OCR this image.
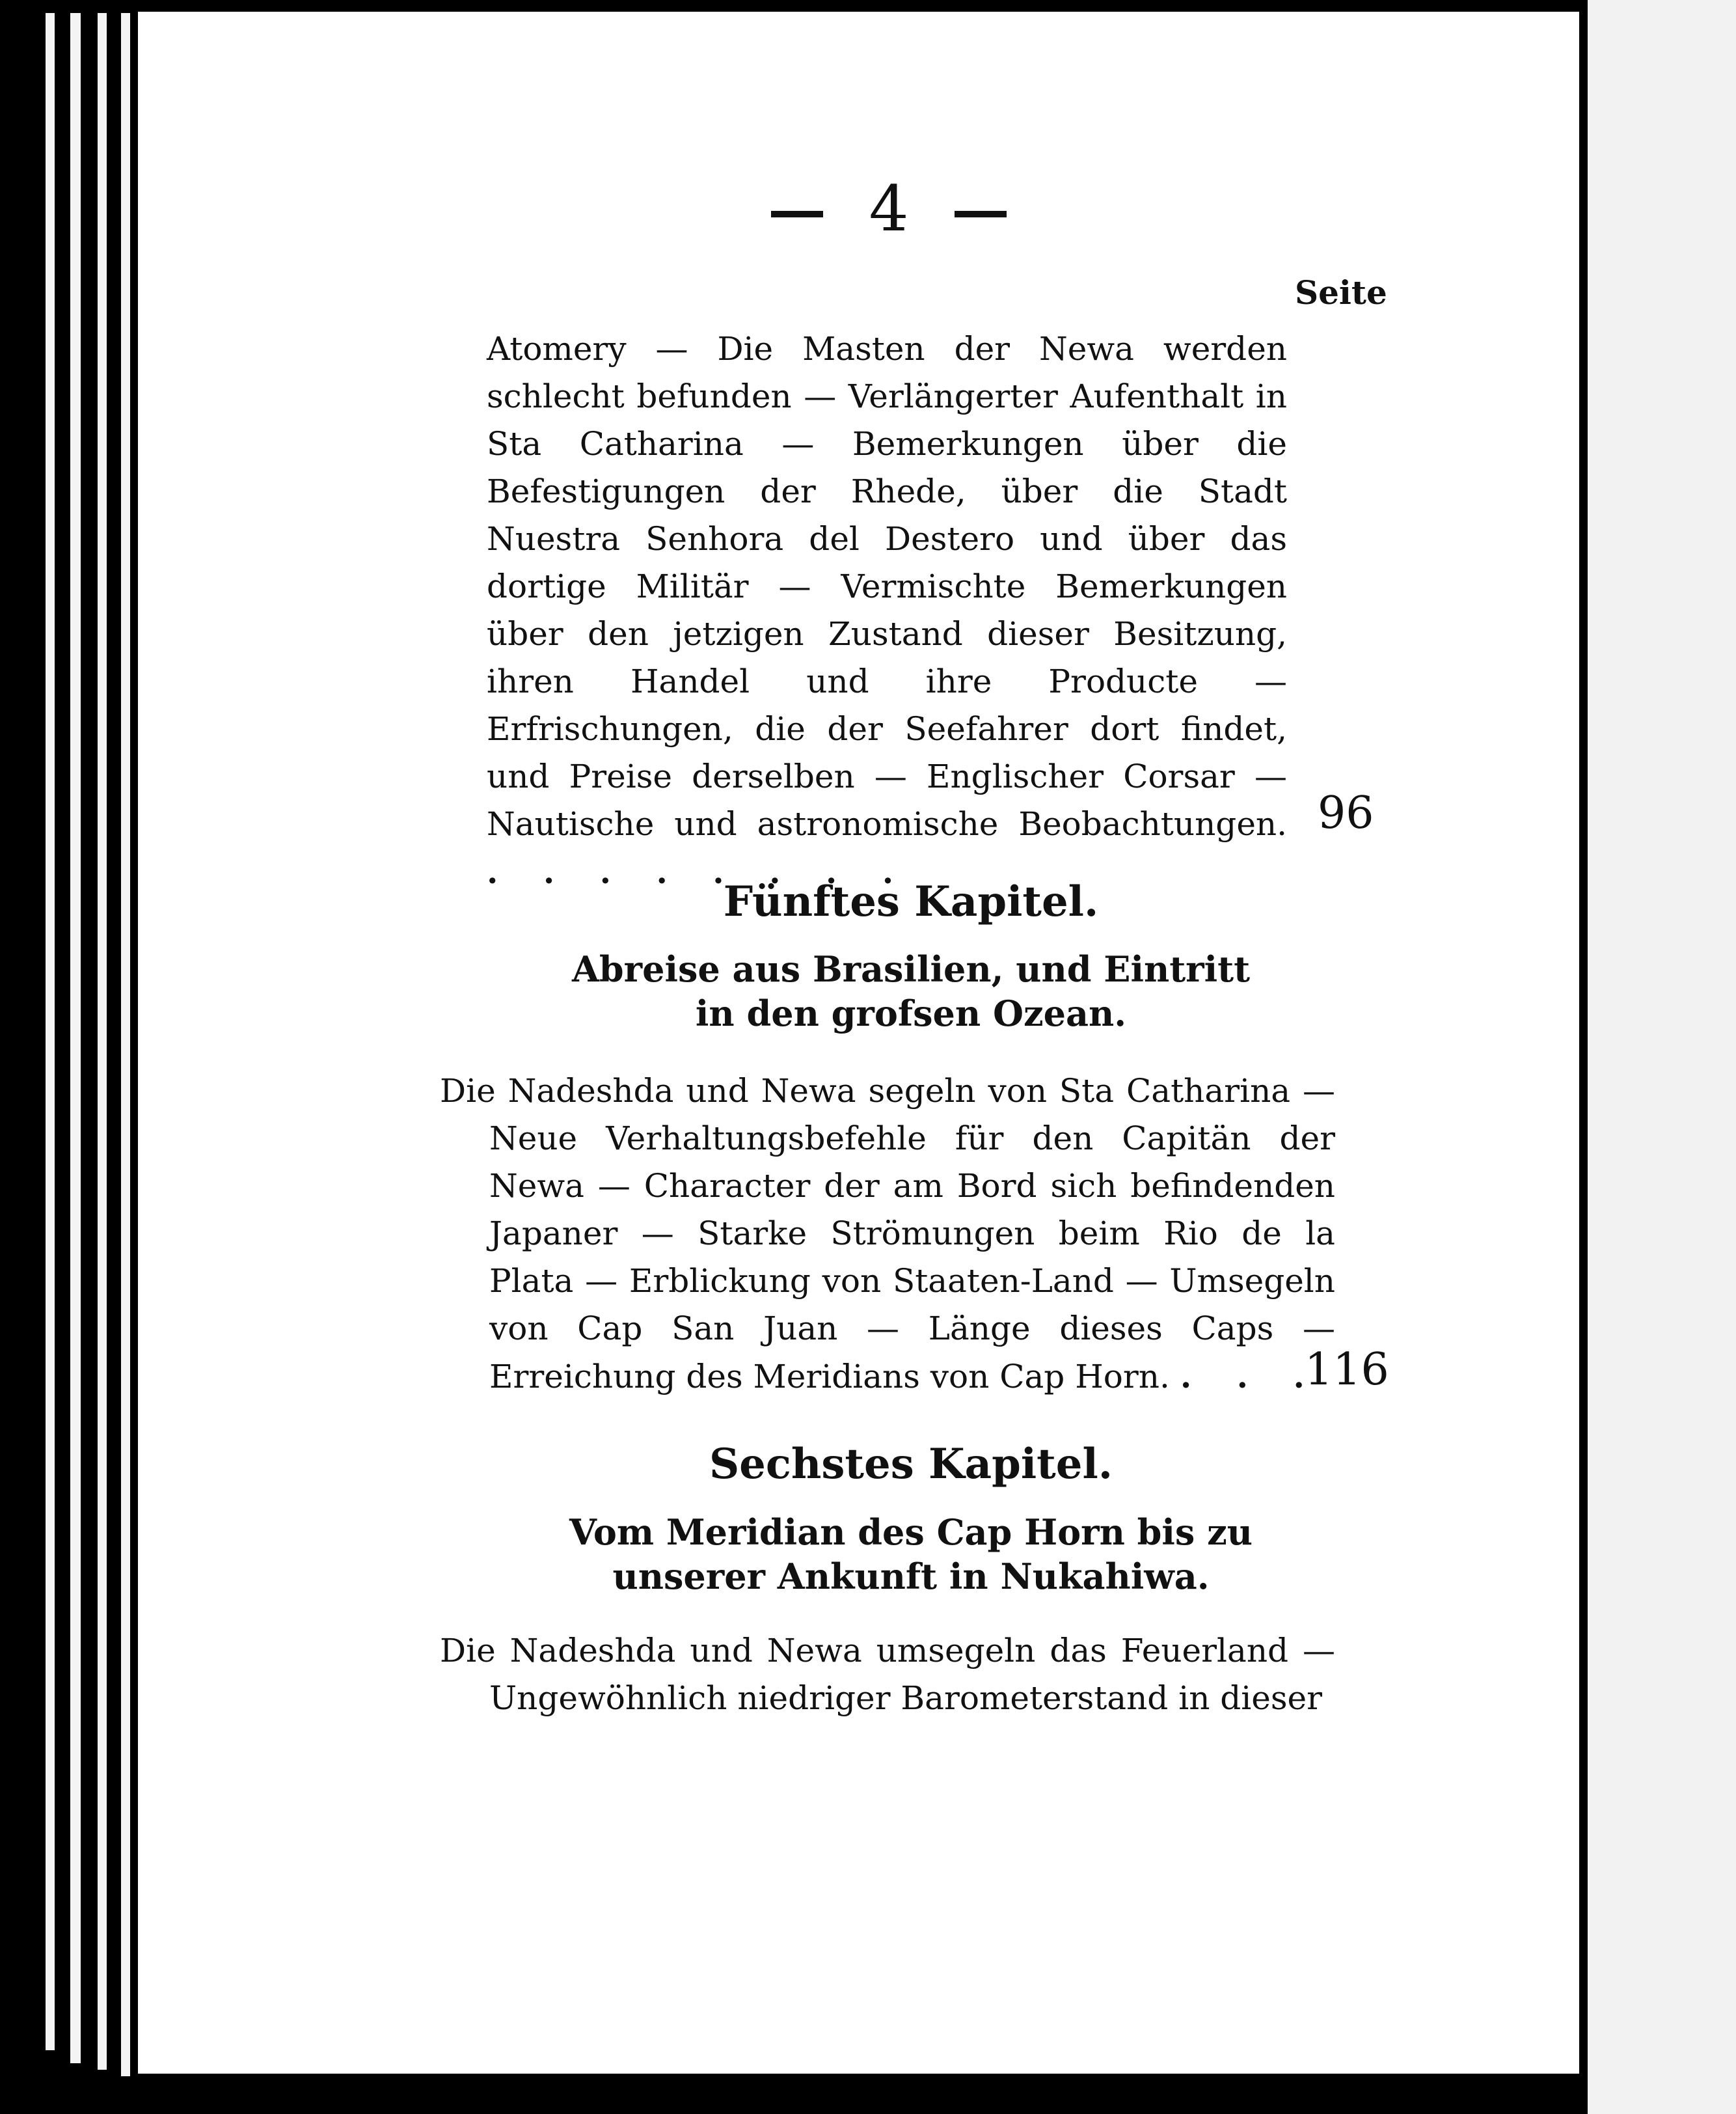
4
Seite
Atomery — Die Masten der Newa werden schlecht befunden — Verlängerter Aufenthalt in Sta Catharina — Bemerkungen über die Befestigungen der Rhede, über die Stadt Nuestra Senhora del Destero und über das dortige Militär — Vermischte Bemerkungen über den jetzigen Zustand dieser Besitzung, ihren Handel und ihre Producte — Erfrischungen, die der Seefahrer dort findet, und Preise derselben — Englischer Corsar — Nautische und astronomische Beobachtungen. . . . . . . . .
96
Fünftes Kapitel.
Abreise aus Brasilien, und Eintritt
in den grofsen Ozean.
Die Nadeshda und Newa segeln von Sta Catharina — Neue Verhaltungsbefehle für den Capitän der Newa — Character der am Bord sich befindenden Japaner — Starke Strömungen beim Rio de la Plata — Erblickung von Staaten-Land — Umsegeln von Cap San Juan — Länge dieses Caps — Erreichung des Meridians von Cap Horn. . . .
116
Sechstes Kapitel.
Vom Meridian des Cap Horn bis zu
unserer Ankunft in Nukahiwa.
Die Nadeshda und Newa umsegeln das Feuerland — Ungewöhnlich niedriger Barometerstand in dieser
